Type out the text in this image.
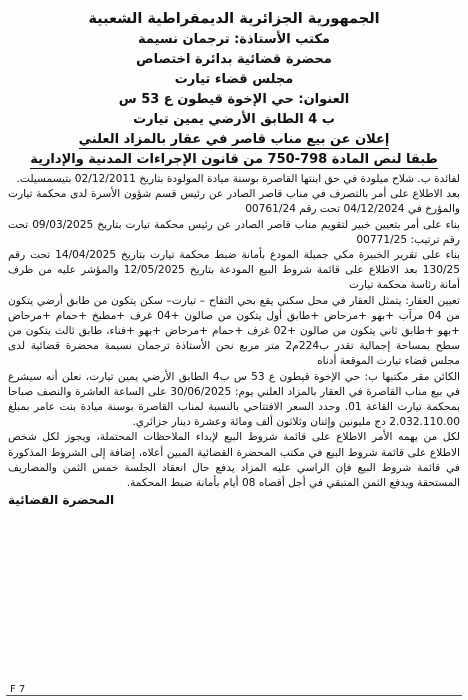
الجمهورية الجزائرية الديمقراطية الشعبية

مكتب الأستاذة: ترجمان نسيمة

محضرة قضائية بدائرة اختصاص

مجلس قضاء تيارت

العنوان: حي الإخوة قيطون ع 53 س

ب 4 الطابق الأرضي يمين تيارت

إعلان عن بيع مناب قاصر في عقار بالمزاد العلني

طبقا لنص المادة 798-750 من قانون الإجراءات المدنية والإدارية

لفائدة ب. شلاح ميلودة في حق ابنتها القاصرة بوسنة ميادة المولودة بتاريخ 02/12/2011 بتيسمسيلت.

بعد الاطلاع على أمر بالتصرف في مناب قاصر الصادر عن رئيس قسم شؤون الأسرة لدى محكمة تيارت والمؤرخ في 04/12/2024 تحت رقم 00761/24

بناء على أمر بتعيين خبير لتقويم مناب قاصر الصادر عن رئيس محكمة تيارت بتاريخ 09/03/2025 تحت رقم ترتيب: 00771/25

بناء على تقرير الخبيرة مكي جميلة المودع بأمانة ضبط محكمة تيارت بتاريخ 14/04/2025 تحت رقم 130/25 بعد الاطلاع على قائمة شروط البيع المودعة بتاريخ 12/05/2025 والمؤشر عليه من طرف أمانة رئاسة محكمة تيارت

تعيين العقار: يتمثل العقار في محل سكني يقع بحي التفاح – تيارت– سكن يتكون من طابق أرضي يتكون من 04 مرآب +بهو +مرحاض +طابق أول يتكون من صالون +04 غرف +مطبخ +حمام +مرحاض +بهو +طابق ثاني يتكون من صالون +02 غرف +حمام +مرحاض +بهو +فناء، طابق ثالث يتكون من سطح بمساحة إجمالية تقدر ب224م2 متر مربع نحن الأستاذة ترجمان نسيمة محضرة قضائية لدى مجلس قضاء تيارت الموقعة أدناه

الكائن مقر مكتبها ب: حي الإخوة قيطون ع 53 س ب4 الطابق الأرضي يمين تيارت، نعلن أنه سيشرع في بيع مناب القاصرة في العقار بالمزاد العلني يوم: 30/06/2025 على الساعة العاشرة والنصف صباحا بمحكمة تيارت القاعة 01. وحدد السعر الافتتاحي بالنسبة لمناب القاصرة بوسنة ميادة بنت عامر بمبلغ 2.032.110.00 دج مليونين وإثنان وثلاثون ألف ومائة وعشرة دينار جزائري.

لكل من يهمه الأمر الاطلاع على قائمة شروط البيع لإبداء الملاحظات المحتملة، ويجوز لكل شخص الاطلاع على قائمة شروط البيع في مكتب المحضرة القضائية المبين أعلاه، إضافة إلى الشروط المذكورة في قائمة شروط البيع فإن الراسي عليه المزاد يدفع حال انعقاد الجلسة خمس الثمن والمصاريف المستحقة ويدفع الثمن المتبقي في أجل أقصاه 08 أيام بأمانة ضبط المحكمة.

المحضرة القضائية
F 7
